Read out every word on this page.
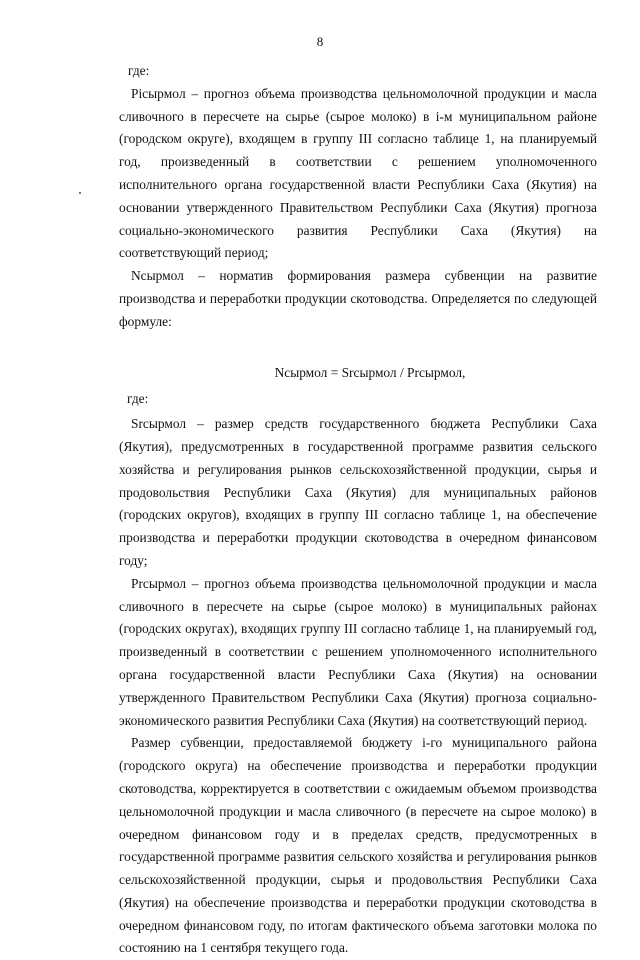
8

где:

Ріcыpмoл – прогноз объема производства цельномолочной продукции и масла сливочного в пересчете на сырье (сырое молоко) в і-м муниципальном районе (городском округе), входящем в группу III согласно таблице 1, на планируемый год, произведенный в соответствии с решением уполномоченного исполнительного органа государственной власти Республики Саха (Якутия) на основании утвержденного Правительством Республики Саха (Якутия) прогноза социально-экономического развития Республики Саха (Якутия) на соответствующий период;

Nсырмол – норматив формирования размера субвенции на развитие производства и переработки продукции скотоводства. Определяется по следующей формуле:

Nсырмол = Srсырмол / Prсырмол,

где:

Srсырмол – размер средств государственного бюджета Республики Саха (Якутия), предусмотренных в государственной программе развития сельского хозяйства и регулирования рынков сельскохозяйственной продукции, сырья и продовольствия Республики Саха (Якутия) для муниципальных районов (городских округов), входящих в группу III согласно таблице 1, на обеспечение производства и переработки продукции скотоводства в очередном финансовом году;

Prсырмол – прогноз объема производства цельномолочной продукции и масла сливочного в пересчете на сырье (сырое молоко) в муниципальных районах (городских округах), входящих группу III согласно таблице 1, на планируемый год, произведенный в соответствии с решением уполномоченного исполнительного органа государственной власти Республики Саха (Якутия) на основании утвержденного Правительством Республики Саха (Якутия) прогноза социально-экономического развития Республики Саха (Якутия) на соответствующий период.

Размер субвенции, предоставляемой бюджету і-го муниципального района (городского округа) на обеспечение производства и переработки продукции скотоводства, корректируется в соответствии с ожидаемым объемом производства цельномолочной продукции и масла сливочного (в пересчете на сырое молоко) в очередном финансовом году и в пределах средств, предусмотренных в государственной программе развития сельского хозяйства и регулирования рынков сельскохозяйственной продукции, сырья и продовольствия Республики Саха (Якутия) на обеспечение производства и переработки продукции скотоводства в очередном финансовом году, по итогам фактического объема заготовки молока по состоянию на 1 сентября текущего года.
